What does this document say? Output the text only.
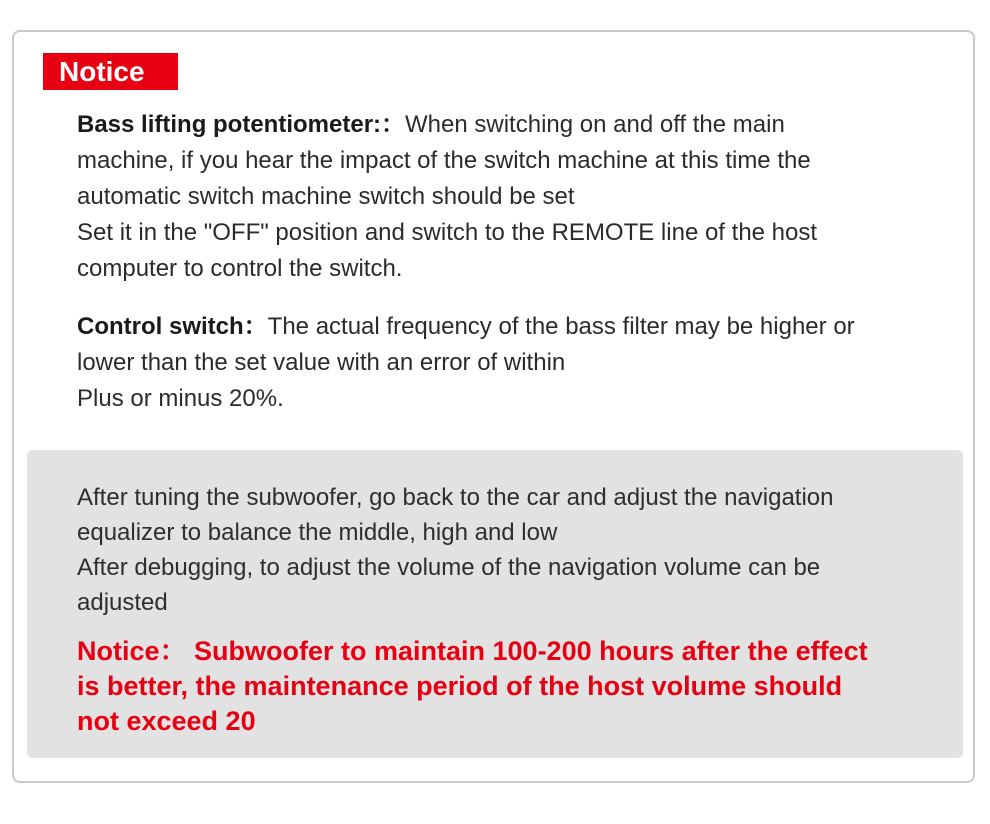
Notice
Bass lifting potentiometer:：When switching on and off the main
machine, if you hear the impact of the switch machine at this time the
automatic switch machine switch should be set
Set it in the "OFF" position and switch to the REMOTE line of the host
computer to control the switch.
Control switch：The actual frequency of the bass filter may be higher or
lower than the set value with an error of within
Plus or minus 20%.
After tuning the subwoofer, go back to the car and adjust the navigation
equalizer to balance the middle, high and low
After debugging, to adjust the volume of the navigation volume can be
adjusted
Notice： Subwoofer to maintain 100-200 hours after the effect
is better, the maintenance period of the host volume should
not exceed 20
